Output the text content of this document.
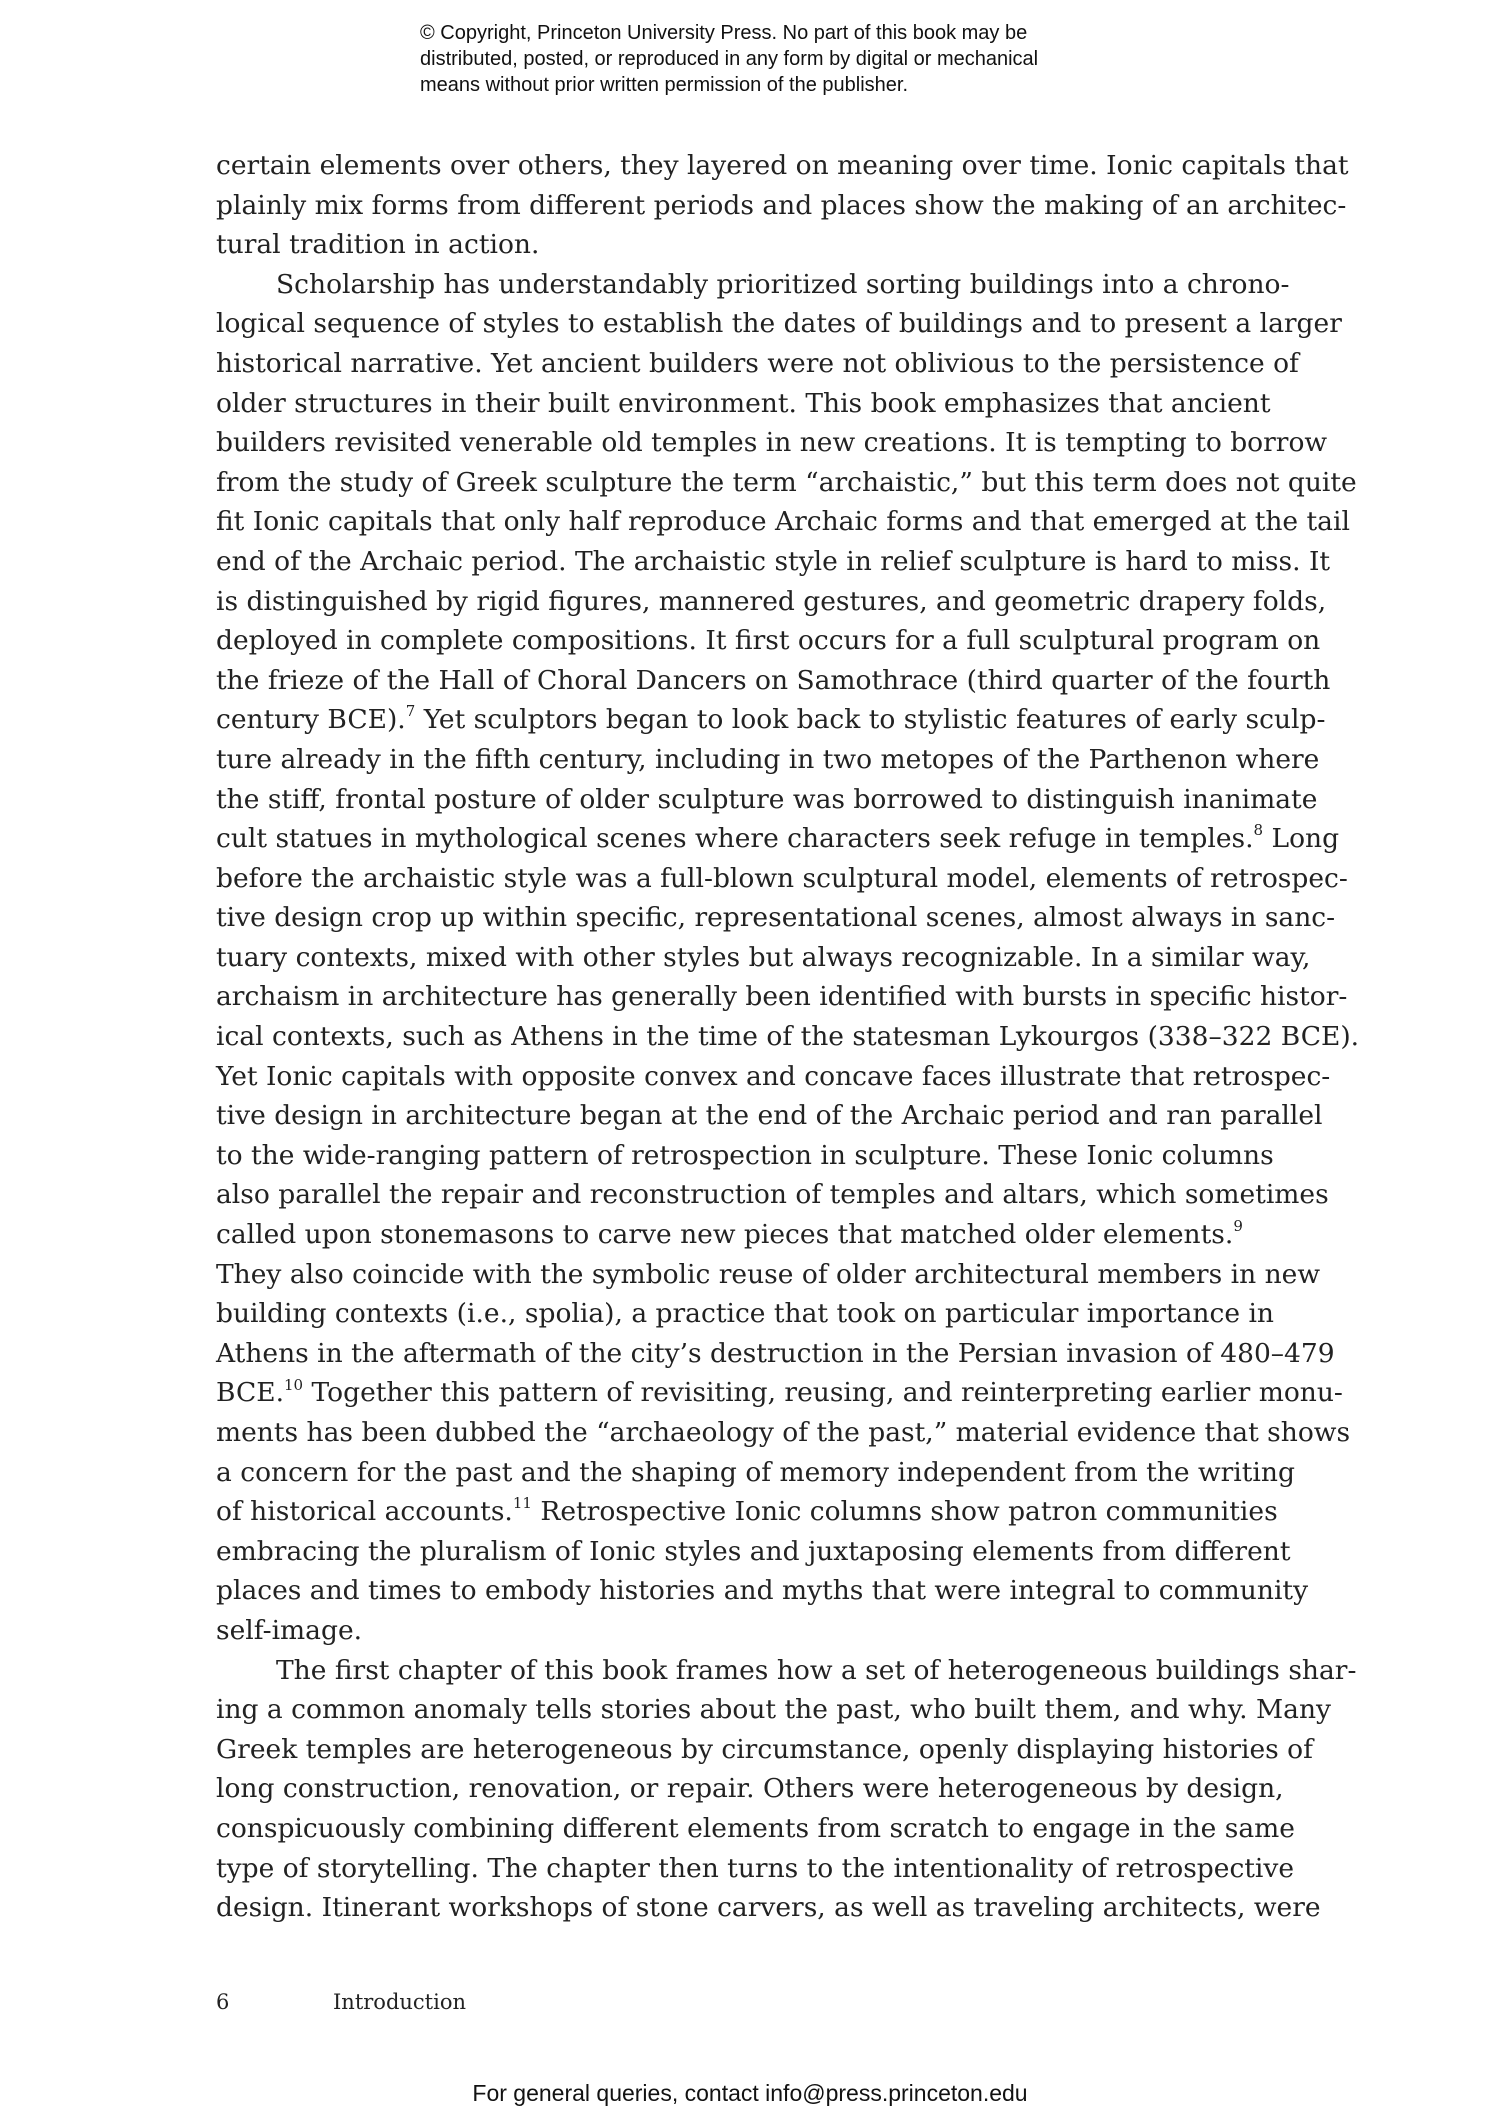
© Copyright, Princeton University Press. No part of this book may be
distributed, posted, or reproduced in any form by digital or mechanical
means without prior written permission of the publisher.
certain elements over others, they layered on meaning over time. Ionic capitals that
plainly mix forms from different periods and places show the making of an architec-
tural tradition in action.
Scholarship has understandably prioritized sorting buildings into a chrono-
logical sequence of styles to establish the dates of buildings and to present a larger
historical narrative. Yet ancient builders were not oblivious to the persistence of
older structures in their built environment. This book emphasizes that ancient
builders revisited venerable old temples in new creations. It is tempting to borrow
from the study of Greek sculpture the term “archaistic,” but this term does not quite
fit Ionic capitals that only half reproduce Archaic forms and that emerged at the tail
end of the Archaic period. The archaistic style in relief sculpture is hard to miss. It
is distinguished by rigid figures, mannered gestures, and geometric drapery folds,
deployed in complete compositions. It first occurs for a full sculptural program on
the frieze of the Hall of Choral Dancers on Samothrace (third quarter of the fourth
century BCE).$^7$ Yet sculptors began to look back to stylistic features of early sculp-
ture already in the fifth century, including in two metopes of the Parthenon where
the stiff, frontal posture of older sculpture was borrowed to distinguish inanimate
cult statues in mythological scenes where characters seek refuge in temples.$^8$ Long
before the archaistic style was a full-blown sculptural model, elements of retrospec-
tive design crop up within specific, representational scenes, almost always in sanc-
tuary contexts, mixed with other styles but always recognizable. In a similar way,
archaism in architecture has generally been identified with bursts in specific histor-
ical contexts, such as Athens in the time of the statesman Lykourgos (338–322 BCE).
Yet Ionic capitals with opposite convex and concave faces illustrate that retrospec-
tive design in architecture began at the end of the Archaic period and ran parallel
to the wide-ranging pattern of retrospection in sculpture. These Ionic columns
also parallel the repair and reconstruction of temples and altars, which sometimes
called upon stonemasons to carve new pieces that matched older elements.$^9$
They also coincide with the symbolic reuse of older architectural members in new
building contexts (i.e., spolia), a practice that took on particular importance in
Athens in the aftermath of the city’s destruction in the Persian invasion of 480–479
BCE.$^{10}$ Together this pattern of revisiting, reusing, and reinterpreting earlier monu-
ments has been dubbed the “archaeology of the past,” material evidence that shows
a concern for the past and the shaping of memory independent from the writing
of historical accounts.$^{11}$ Retrospective Ionic columns show patron communities
embracing the pluralism of Ionic styles and juxtaposing elements from different
places and times to embody histories and myths that were integral to community
self-image.
The first chapter of this book frames how a set of heterogeneous buildings shar-
ing a common anomaly tells stories about the past, who built them, and why. Many
Greek temples are heterogeneous by circumstance, openly displaying histories of
long construction, renovation, or repair. Others were heterogeneous by design,
conspicuously combining different elements from scratch to engage in the same
type of storytelling. The chapter then turns to the intentionality of retrospective
design. Itinerant workshops of stone carvers, as well as traveling architects, were
6	Introduction
For general queries, contact info@press.princeton.edu
